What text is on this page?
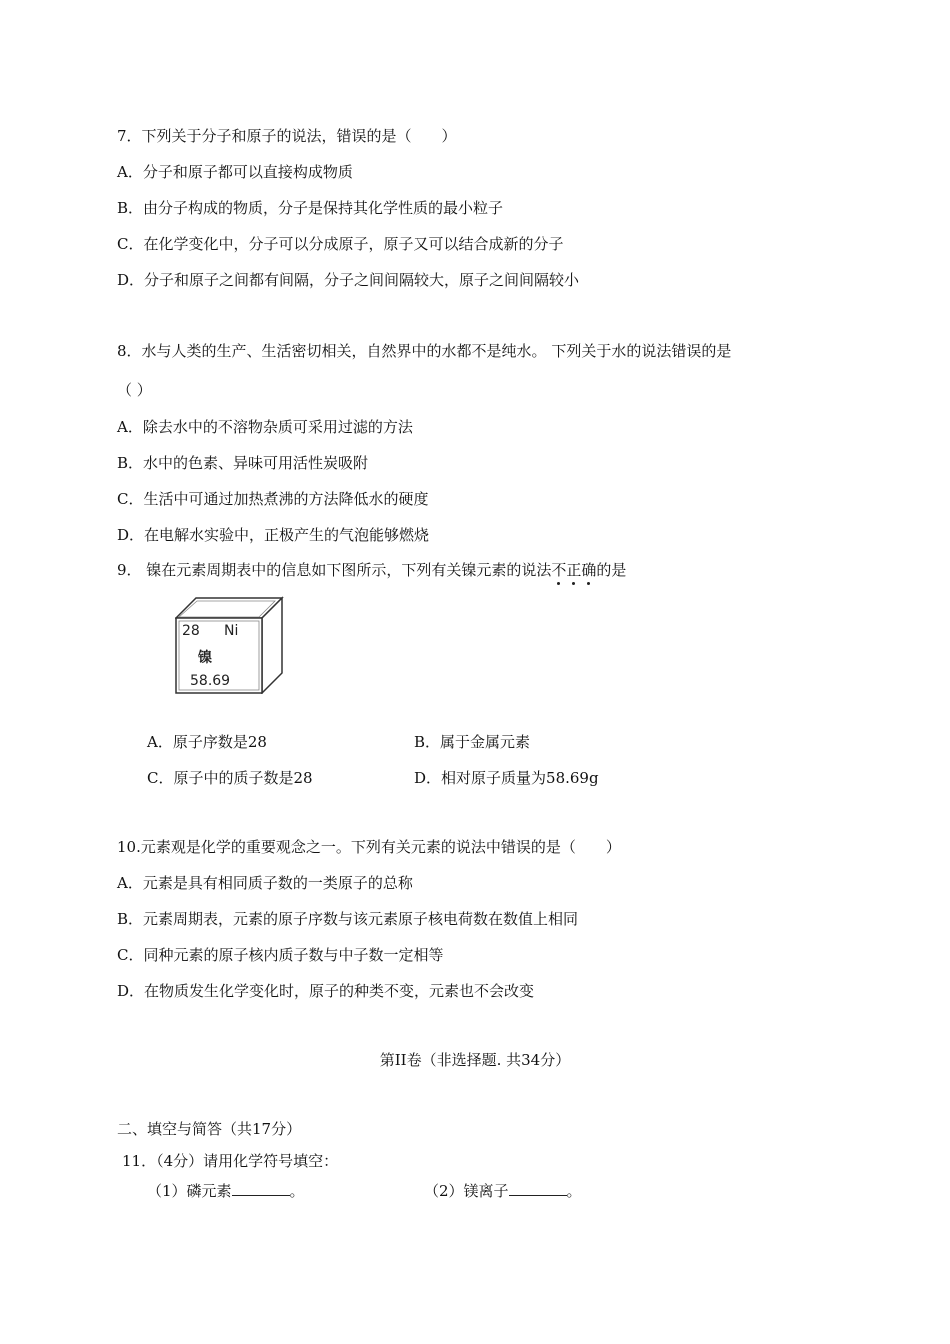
7．下列关于分子和原子的说法，错误的是（　　）
A．分子和原子都可以直接构成物质
B．由分子构成的物质，分子是保持其化学性质的最小粒子
C．在化学变化中，分子可以分成原子，原子又可以结合成新的分子
D．分子和原子之间都有间隔，分子之间间隔较大，原子之间间隔较小
8．水与人类的生产、生活密切相关，自然界中的水都不是纯水。 下列关于水的说法错误的是
（ ）
A．除去水中的不溶物杂质可采用过滤的方法
B．水中的色素、异味可用活性炭吸附
C．生活中可通过加热煮沸的方法降低水的硬度
D．在电解水实验中，正极产生的气泡能够燃烧
9． 镍在元素周期表中的信息如下图所示，下列有关镍元素的说法不正确的是
28 Ni
镍
58.69
A．原子序数是28	B．属于金属元素
C．原子中的质子数是28	D．相对原子质量为58.69g
10.元素观是化学的重要观念之一。下列有关元素的说法中错误的是（　　）
A．元素是具有相同质子数的一类原子的总称
B．元素周期表，元素的原子序数与该元素原子核电荷数在数值上相同
C．同种元素的原子核内质子数与中子数一定相等
D．在物质发生化学变化时，原子的种类不变，元素也不会改变
第II卷（非选择题. 共34分）
二、填空与简答（共17分）
11．（4分）请用化学符号填空：
（1）磷元素	。	（2）镁离子	。
